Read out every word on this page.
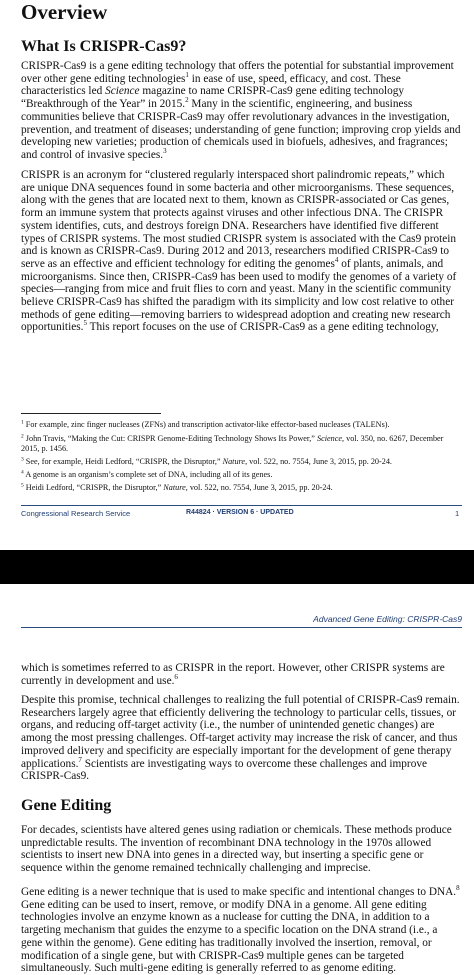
Overview
What Is CRISPR-Cas9?

CRISPR-Cas9 is a gene editing technology that offers the potential for substantial improvement over other gene editing technologies$^1$ in ease of use, speed, efficacy, and cost. These characteristics led Science magazine to name CRISPR-Cas9 gene editing technology “Breakthrough of the Year” in 2015.$^2$ Many in the scientific, engineering, and business communities believe that CRISPR-Cas9 may offer revolutionary advances in the investigation, prevention, and treatment of diseases; understanding of gene function; improving crop yields and developing new varieties; production of chemicals used in biofuels, adhesives, and fragrances; and control of invasive species.$^3$

CRISPR is an acronym for “clustered regularly interspaced short palindromic repeats,” which are unique DNA sequences found in some bacteria and other microorganisms. These sequences, along with the genes that are located next to them, known as CRISPR-associated or Cas genes, form an immune system that protects against viruses and other infectious DNA. The CRISPR system identifies, cuts, and destroys foreign DNA. Researchers have identified five different types of CRISPR systems. The most studied CRISPR system is associated with the Cas9 protein and is known as CRISPR-Cas9. During 2012 and 2013, researchers modified CRISPR-Cas9 to serve as an effective and efficient technology for editing the genomes$^4$ of plants, animals, and microorganisms. Since then, CRISPR-Cas9 has been used to modify the genomes of a variety of species—ranging from mice and fruit flies to corn and yeast. Many in the scientific community believe CRISPR-Cas9 has shifted the paradigm with its simplicity and low cost relative to other methods of gene editing—removing barriers to widespread adoption and creating new research opportunities.$^5$ This report focuses on the use of CRISPR-Cas9 as a gene editing technology,

$^1$ For example, zinc finger nucleases (ZFNs) and transcription activator-like effector-based nucleases (TALENs).

$^2$ John Travis, “Making the Cut: CRISPR Genome-Editing Technology Shows Its Power,” Science, vol. 350, no. 6267, December 2015, p. 1456.

$^3$ See, for example, Heidi Ledford, “CRISPR, the Disruptor,” Nature, vol. 522, no. 7554, June 3, 2015, pp. 20-24.

$^4$ A genome is an organism’s complete set of DNA, including all of its genes.

$^5$ Heidi Ledford, “CRISPR, the Disruptor,” Nature, vol. 522, no. 7554, June 3, 2015, pp. 20-24.

Congressional Research Service	R44824 · VERSION 6 · UPDATED	1
Advanced Gene Editing: CRISPR-Cas9

which is sometimes referred to as CRISPR in the report. However, other CRISPR systems are currently in development and use.$^6$

Despite this promise, technical challenges to realizing the full potential of CRISPR-Cas9 remain. Researchers largely agree that efficiently delivering the technology to particular cells, tissues, or organs, and reducing off-target activity (i.e., the number of unintended genetic changes) are among the most pressing challenges. Off-target activity may increase the risk of cancer, and thus improved delivery and specificity are especially important for the development of gene therapy applications.$^7$ Scientists are investigating ways to overcome these challenges and improve CRISPR-Cas9.

Gene Editing

For decades, scientists have altered genes using radiation or chemicals. These methods produce unpredictable results. The invention of recombinant DNA technology in the 1970s allowed scientists to insert new DNA into genes in a directed way, but inserting a specific gene or sequence within the genome remained technically challenging and imprecise.

Gene editing is a newer technique that is used to make specific and intentional changes to DNA.$^8$ Gene editing can be used to insert, remove, or modify DNA in a genome. All gene editing technologies involve an enzyme known as a nuclease for cutting the DNA, in addition to a targeting mechanism that guides the enzyme to a specific location on the DNA strand (i.e., a gene within the genome). Gene editing has traditionally involved the insertion, removal, or modification of a single gene, but with CRISPR-Cas9 multiple genes can be targeted simultaneously. Such multi-gene editing is generally referred to as genome editing.
